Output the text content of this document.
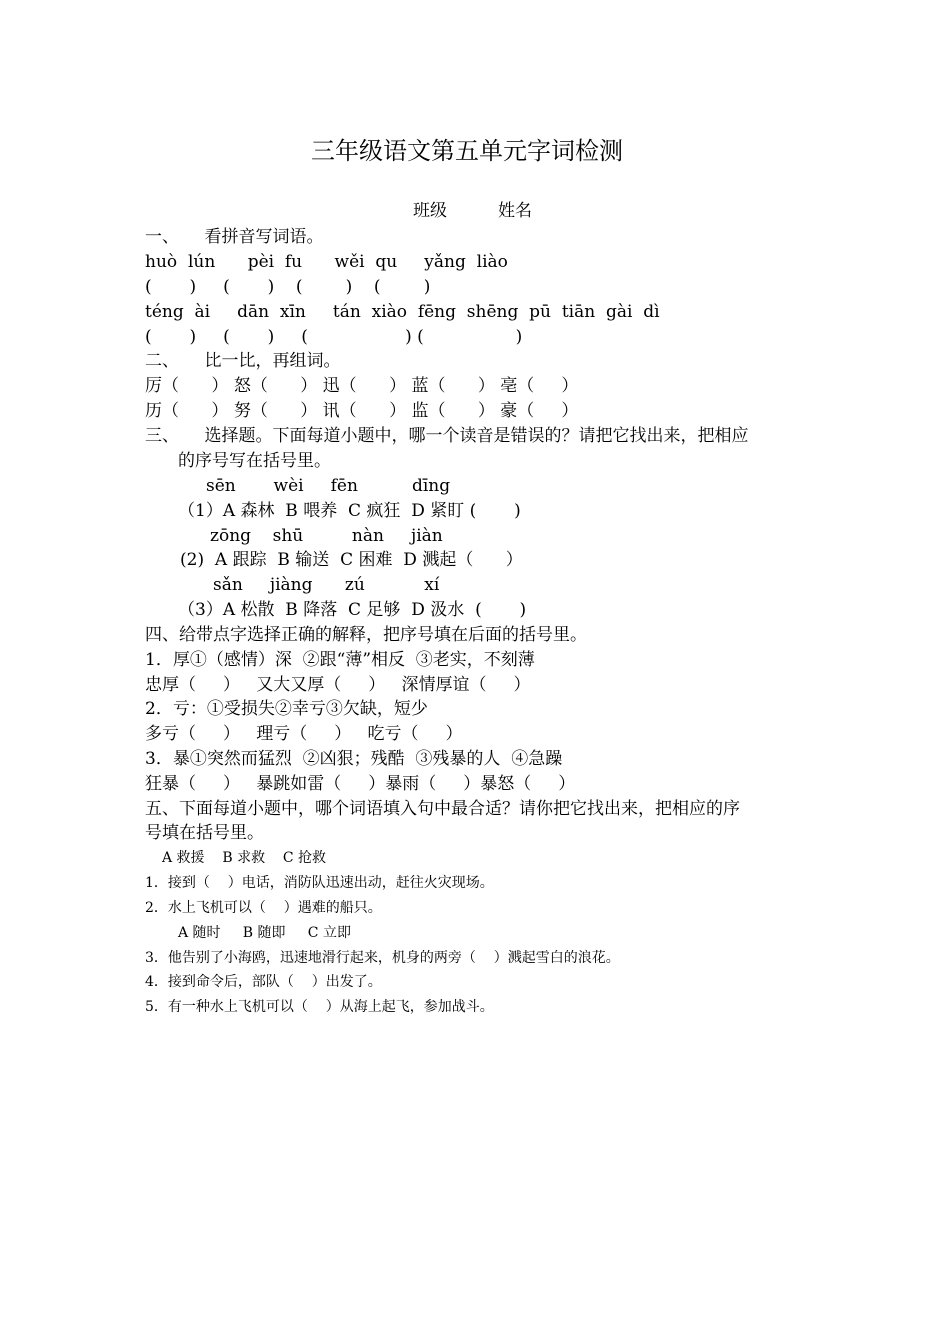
三年级语文第五单元字词检测
班级　　　姓名
一、　　看拼音写词语。
huò  lún      pèi  fu      wěi  qu     yǎng  liào
(       )     (       )    (        )    (        )
téng  ài     dān  xīn     tán  xiào  fēng  shēng  pū  tiān  gài  dì
(       )     (       )     (                  ) (                 )
二、　　比一比，再组词。
厉（      ） 怒（      ） 迅（      ） 蓝（      ） 亳（     ）
历（      ） 努（      ） 讯（      ） 监（      ） 豪（     ）
三、　　选择题。下面每道小题中，哪一个读音是错误的？请把它找出来，把相应
的序号写在括号里。
sēn       wèi     fēn          dīng
（1）A 森林  B 喂养  C 疯狂  D 紧盯 (       )
zōng    shū         nàn     jiàn
(2)  A 跟踪  B 输送  C 困难  D 溅起（      ）
sǎn     jiàng      zú           xí
（3）A 松散  B 降落  C 足够  D 汲水  (       )
四、给带点字选择正确的解释，把序号填在后面的括号里。
1．厚①（感情）深  ②跟“薄”相反  ③老实，不刻薄
忠厚（     ）   又大又厚（     ）   深情厚谊（     ）
2．亏：①受损失②幸亏③欠缺，短少
多亏（     ）   理亏（     ）   吃亏（     ）
3．暴①突然而猛烈  ②凶狠；残酷  ③残暴的人  ④急躁
狂暴（     ）   暴跳如雷（     ）暴雨（     ）暴怒（     ）
五、下面每道小题中，哪个词语填入句中最合适？请你把它找出来，把相应的序
号填在括号里。
A 救援    B 求救    C 抢救
1．接到（    ）电话，消防队迅速出动，赶往火灾现场。
2．水上飞机可以（    ）遇难的船只。
A 随时     B 随即     C 立即
3．他告别了小海鸥，迅速地滑行起来，机身的两旁（    ）溅起雪白的浪花。
4．接到命令后，部队（    ）出发了。
5．有一种水上飞机可以（    ）从海上起飞，参加战斗。
